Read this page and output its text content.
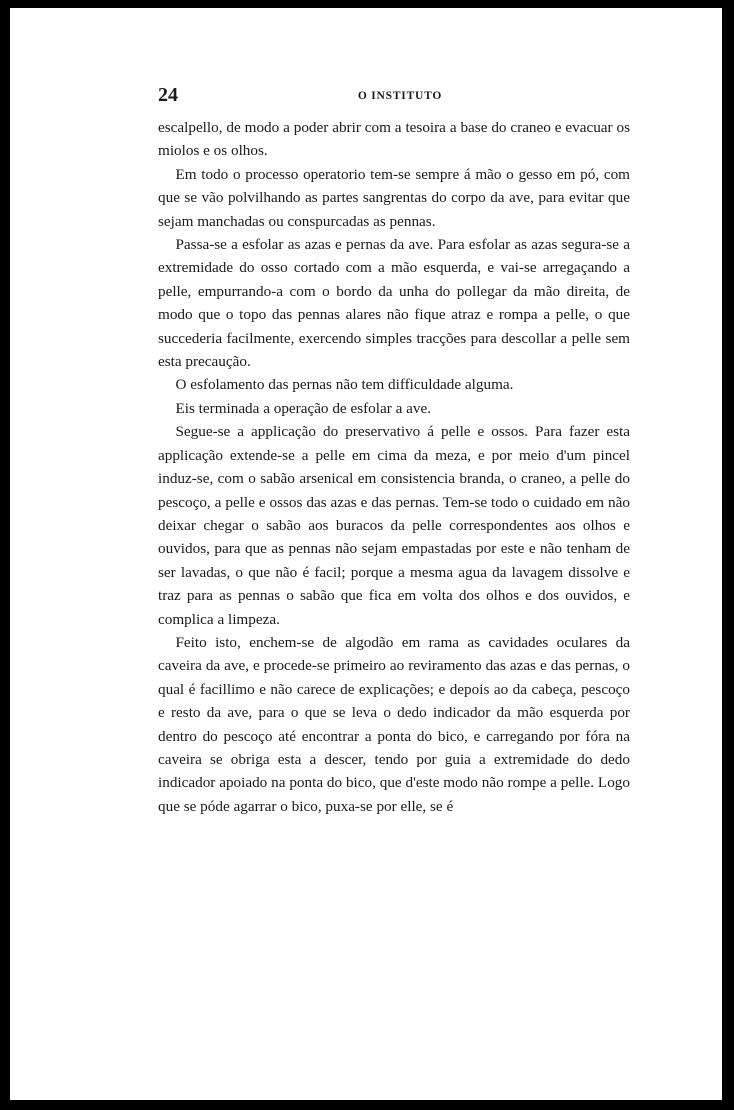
24	O INSTITUTO

escalpello, de modo a poder abrir com a tesoira a base do craneo e evacuar os miolos e os olhos.

Em todo o processo operatorio tem-se sempre á mão o gesso em pó, com que se vão polvilhando as partes sangrentas do corpo da ave, para evitar que sejam manchadas ou conspurcadas as pennas.

Passa-se a esfolar as azas e pernas da ave. Para esfolar as azas segura-se a extremidade do osso cortado com a mão esquerda, e vai-se arregaçando a pelle, empurrando-a com o bordo da unha do pollegar da mão direita, de modo que o topo das pennas alares não fique atraz e rompa a pelle, o que succederia facilmente, exercendo simples tracções para descollar a pelle sem esta precaução.

O esfolamento das pernas não tem difficuldade alguma.

Eis terminada a operação de esfolar a ave.

Segue-se a applicação do preservativo á pelle e ossos. Para fazer esta applicação extende-se a pelle em cima da meza, e por meio d'um pincel induz-se, com o sabão arsenical em consistencia branda, o craneo, a pelle do pescoço, a pelle e ossos das azas e das pernas. Tem-se todo o cuidado em não deixar chegar o sabão aos buracos da pelle correspondentes aos olhos e ouvidos, para que as pennas não sejam empastadas por este e não tenham de ser lavadas, o que não é facil; porque a mesma agua da lavagem dissolve e traz para as pennas o sabão que fica em volta dos olhos e dos ouvidos, e complica a limpeza.

Feito isto, enchem-se de algodão em rama as cavidades oculares da caveira da ave, e procede-se primeiro ao reviramento das azas e das pernas, o qual é facillimo e não carece de explicações; e depois ao da cabeça, pescoço e resto da ave, para o que se leva o dedo indicador da mão esquerda por dentro do pescoço até encontrar a ponta do bico, e carregando por fóra na caveira se obriga esta a descer, tendo por guia a extremidade do dedo indicador apoiado na ponta do bico, que d'este modo não rompe a pelle. Logo que se póde agarrar o bico, puxa-se por elle, se é
